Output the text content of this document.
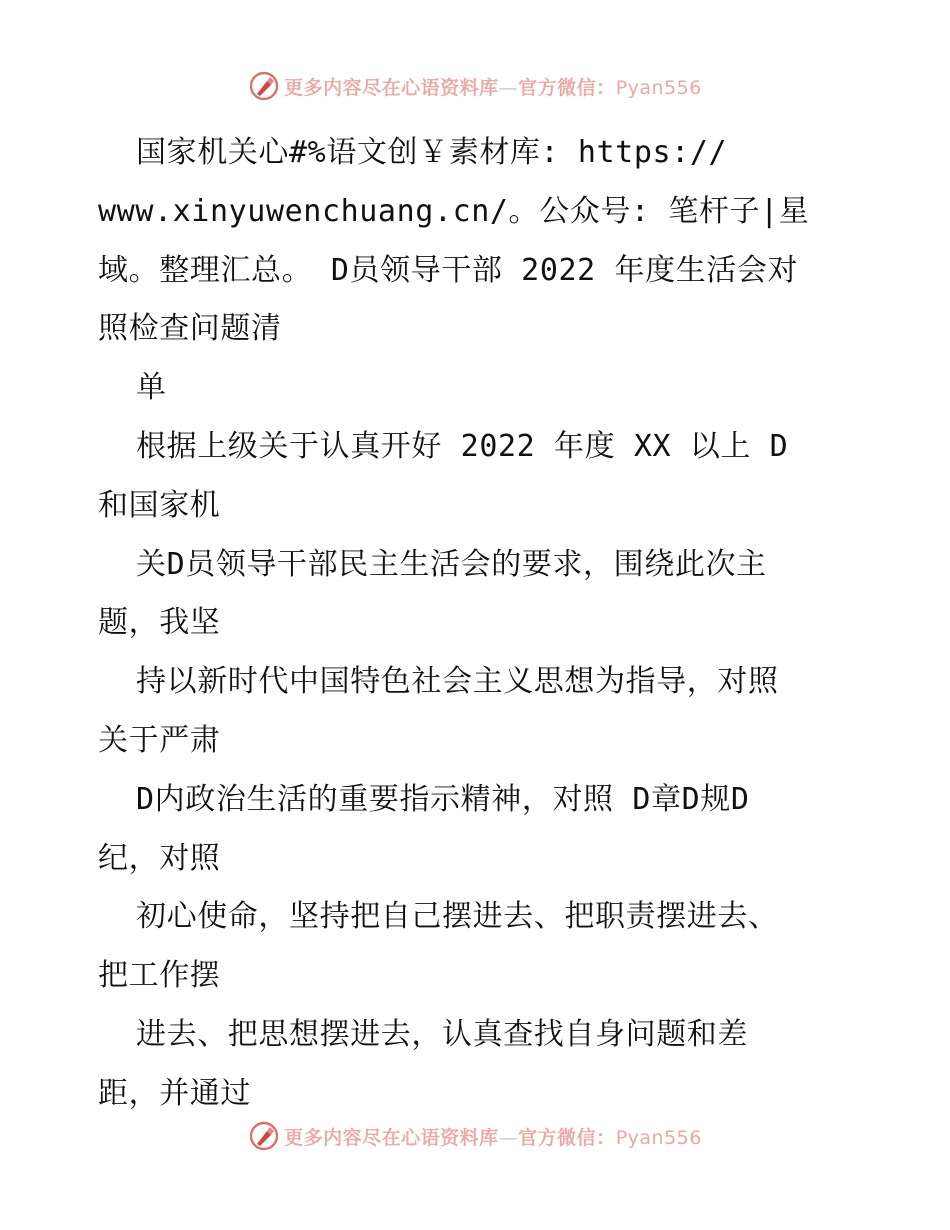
更多内容尽在心语资料库—官方微信：Pyan556
国家机关心#%语文创￥素材库: https://
www.xinyuwenchuang.cn/。公众号: 笔杆子|星
域。整理汇总。 D员领导干部 2022 年度生活会对
照检查问题清
单
根据上级关于认真开好 2022 年度 XX 以上 D
和国家机
关D员领导干部民主生活会的要求，围绕此次主
题，我坚
持以新时代中国特色社会主义思想为指导，对照
关于严肃
D内政治生活的重要指示精神，对照 D章D规D
纪，对照
初心使命，坚持把自己摆进去、把职责摆进去、
把工作摆
进去、把思想摆进去，认真查找自身问题和差
距，并通过
更多内容尽在心语资料库—官方微信：Pyan556
